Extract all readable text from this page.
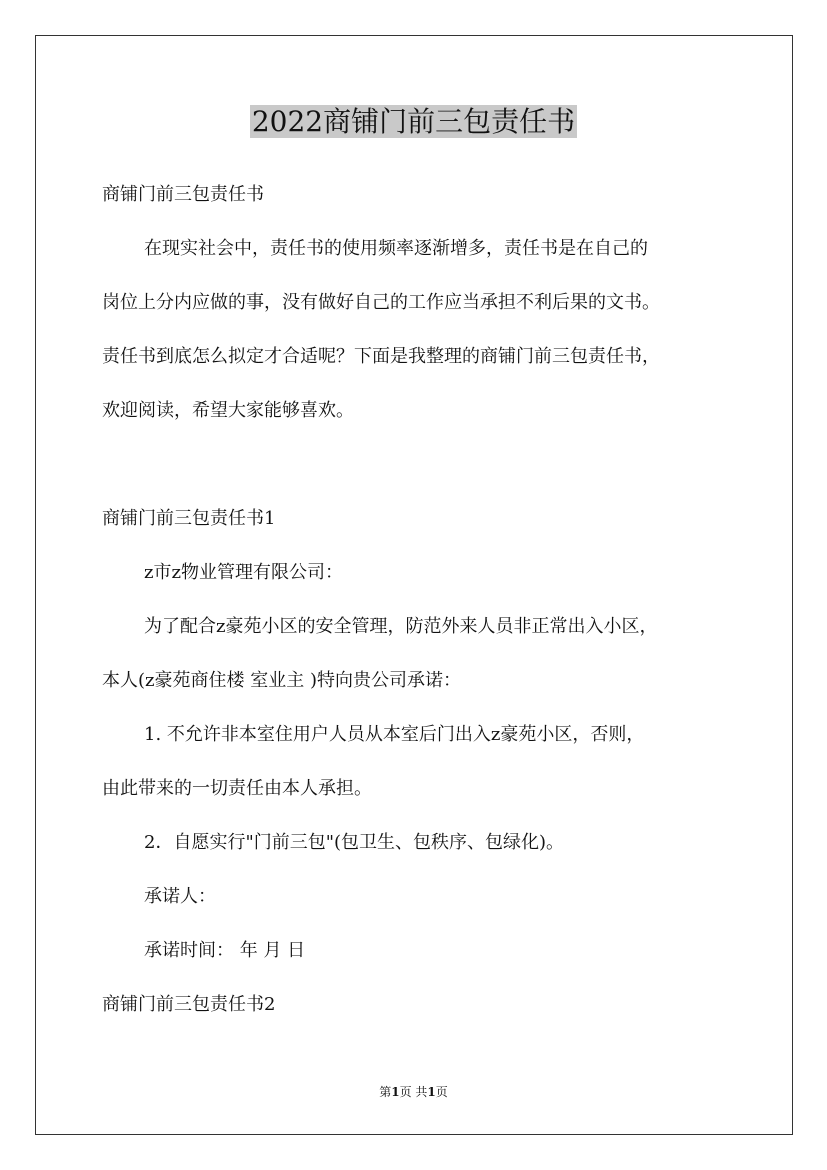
2022商铺门前三包责任书

商铺门前三包责任书

在现实社会中，责任书的使用频率逐渐增多，责任书是在自己的

岗位上分内应做的事，没有做好自己的工作应当承担不利后果的文书。

责任书到底怎么拟定才合适呢？下面是我整理的商铺门前三包责任书，

欢迎阅读，希望大家能够喜欢。

商铺门前三包责任书1

z市z物业管理有限公司：

为了配合z豪苑小区的安全管理，防范外来人员非正常出入小区，

本人(z豪苑商住楼 室业主 )特向贵公司承诺：

1. 不允许非本室住用户人员从本室后门出入z豪苑小区，否则，

由此带来的一切责任由本人承担。

2．自愿实行"门前三包"(包卫生、包秩序、包绿化)。

承诺人：

承诺时间： 年 月 日

商铺门前三包责任书2

第1页 共1页
